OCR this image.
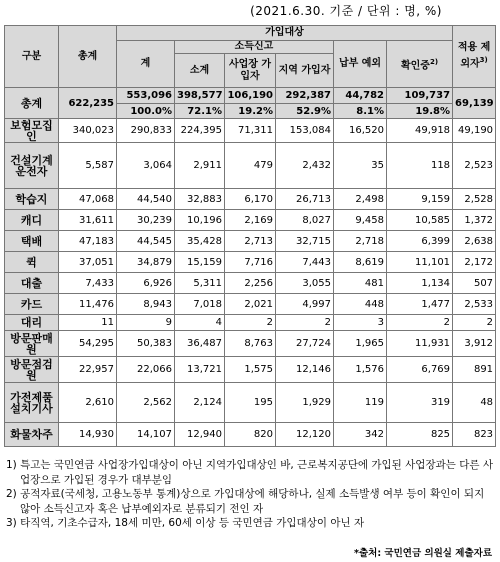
(2021.6.30. 기준 / 단위 : 명, %)
구분	총계	가입대상						적용 제외자$^{3)}$
		계	소득신고			납부 예외	확인중$^{2)}$
			소계	사업장 가입자	지역 가입자			
총계	622,235	553,096	398,577	106,190	292,387	44,782	109,737	69,139
		100.0%	72.1%	19.2%	52.9%	8.1%	19.8%	
보험모집인	340,023	290,833	224,395	71,311	153,084	16,520	49,918	49,190
건설기계운전자	5,587	3,064	2,911	479	2,432	35	118	2,523
학습지	47,068	44,540	32,883	6,170	26,713	2,498	9,159	2,528
캐디	31,611	30,239	10,196	2,169	8,027	9,458	10,585	1,372
택배	47,183	44,545	35,428	2,713	32,715	2,718	6,399	2,638
퀵	37,051	34,879	15,159	7,716	7,443	8,619	11,101	2,172
대출	7,433	6,926	5,311	2,256	3,055	481	1,134	507
카드	11,476	8,943	7,018	2,021	4,997	448	1,477	2,533
대리	11	9	4	2	2	3	2	2
방문판매원	54,295	50,383	36,487	8,763	27,724	1,965	11,931	3,912
방문점검원	22,957	22,066	13,721	1,575	12,146	1,576	6,769	891
가전제품설치기사	2,610	2,562	2,124	195	1,929	119	319	48
화물차주	14,930	14,107	12,940	820	12,120	342	825	823

1) 특고는 국민연금 사업장가입대상이 아닌 지역가입대상인 바, 근로복지공단에 가입된 사업장과는 다른 사업장으로 가입된 경우가 대부분임

2) 공적자료(국세청, 고용노동부 통계)상으로 가입대상에 해당하나, 실제 소득발생 여부 등이 확인이 되지 않아 소득신고자 혹은 납부예외자로 분류되기 전인 자

3) 타직역, 기초수급자, 18세 미만, 60세 이상 등 국민연금 가입대상이 아닌 자

*출처: 국민연금 의원실 제출자료
